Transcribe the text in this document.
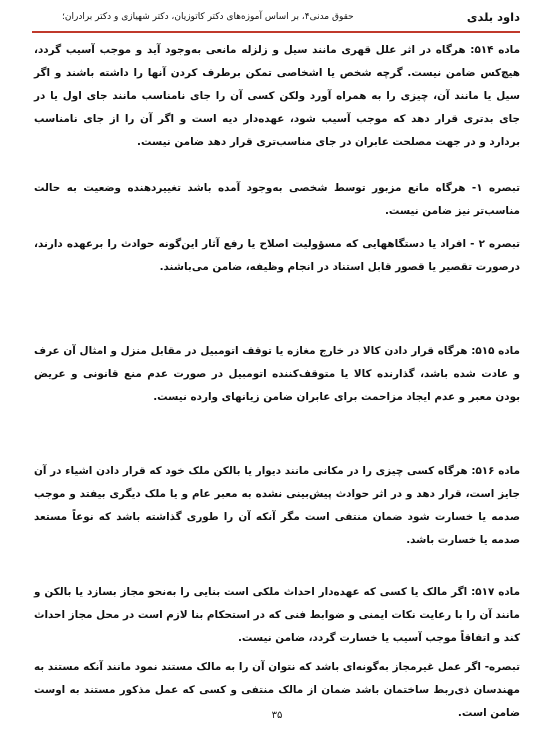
داود بلدی
حقوق مدنی۴، بر اساس آموزه‌های دکتر کاتوزیان، دکتر شهیازی و دکتر برادران؛

ماده ۵۱۴: هرگاه در اثر علل قهری مانند سیل و زلزله مانعی به‌وجود آید و موجب آسیب گردد، هیچ‌کس ضامن نیست. گرچه شخص یا اشخاصی تمکن برطرف کردن آنها را داشته باشند و اگر سیل یا مانند آن، چیزی را به همراه آورد ولکن کسی آن را جای نامناسب مانند جای اول یا در جای بدتری قرار دهد که موجب آسیب شود، عهده‌دار دیه است و اگر آن را از جای نامناسب بردارد و در جهت مصلحت عابران در جای مناسب‌تری قرار دهد ضامن نیست.

تبصره ۱- هرگاه مانع مزبور توسط شخصی به‌وجود آمده باشد تغییردهنده وضعیت به حالت مناسب‌تر نیز ضامن نیست.

تبصره ۲ - افراد یا دستگاههایی که مسؤولیت اصلاح یا رفع آثار این‌گونه حوادث را برعهده دارند، درصورت تقصیر یا قصور قابل استناد در انجام وظیفه، ضامن می‌باشند.

ماده ۵۱۵: هرگاه قرار دادن کالا در خارج مغازه یا توقف اتومبیل در مقابل منزل و امثال آن عرف و عادت شده باشد، گذارنده کالا یا متوقف‌کننده اتومبیل در صورت عدم منع قانونی و عریض بودن معبر و عدم ایجاد مزاحمت برای عابران ضامن زیانهای وارده نیست.

ماده ۵۱۶: هرگاه کسی چیزی را در مکانی مانند دیوار یا بالکن ملک خود که قرار دادن اشیاء در آن جایز است، قرار دهد و در اثر حوادث پیش‌بینی نشده به معبر عام و یا ملک دیگری بیفتد و موجب صدمه یا خسارت شود ضمان منتفی است مگر آنکه آن را طوری گذاشته باشد که نوعاً مستعد صدمه یا خسارت باشد.

ماده ۵۱۷: اگر مالک یا کسی که عهده‌دار احداث ملکی است بنایی را به‌نحو مجاز بسازد یا بالکن و مانند آن را با رعایت نکات ایمنی و ضوابط فنی که در استحکام بنا لازم است در محل مجاز احداث کند و اتفاقاً موجب آسیب یا خسارت گردد، ضامن نیست.

تبصره- اگر عمل غیرمجاز به‌گونه‌ای باشد که نتوان آن را به مالک مستند نمود مانند آنکه مستند به مهندسان ذی‌ربط ساختمان باشد ضمان از مالک منتفی و کسی که عمل مذکور مستند به اوست ضامن است.

۳۵
